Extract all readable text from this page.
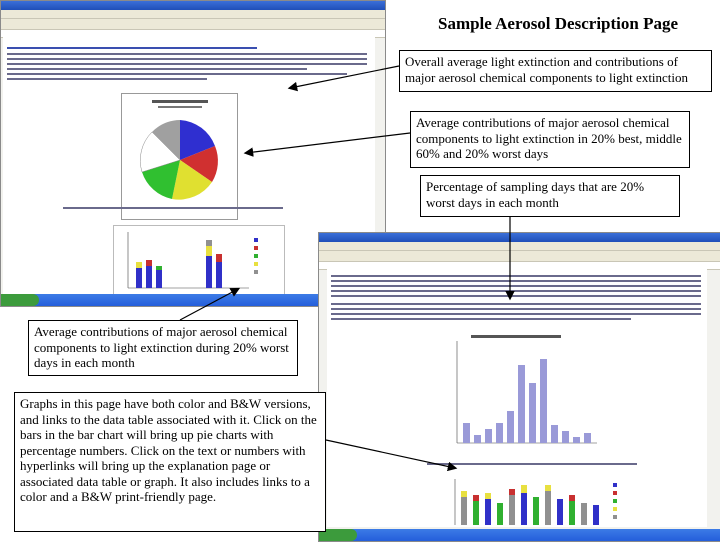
Sample Aerosol Description Page
Overall average light extinction and contributions of major aerosol chemical components to light extinction
Average contributions of major aerosol chemical components to light extinction in 20% best, middle 60% and 20% worst days
Percentage of sampling days that are 20% worst days in each month
Average contributions of major aerosol chemical components to light extinction during 20% worst days in each month
Graphs in this page have both color and B&W versions, and links to the data table associated with it. Click on the bars in the bar chart will bring up pie charts with percentage numbers. Click on the text or numbers with hyperlinks will bring up the explanation page or associated data table or graph. It also includes links to a color and a B&W print-friendly page.
